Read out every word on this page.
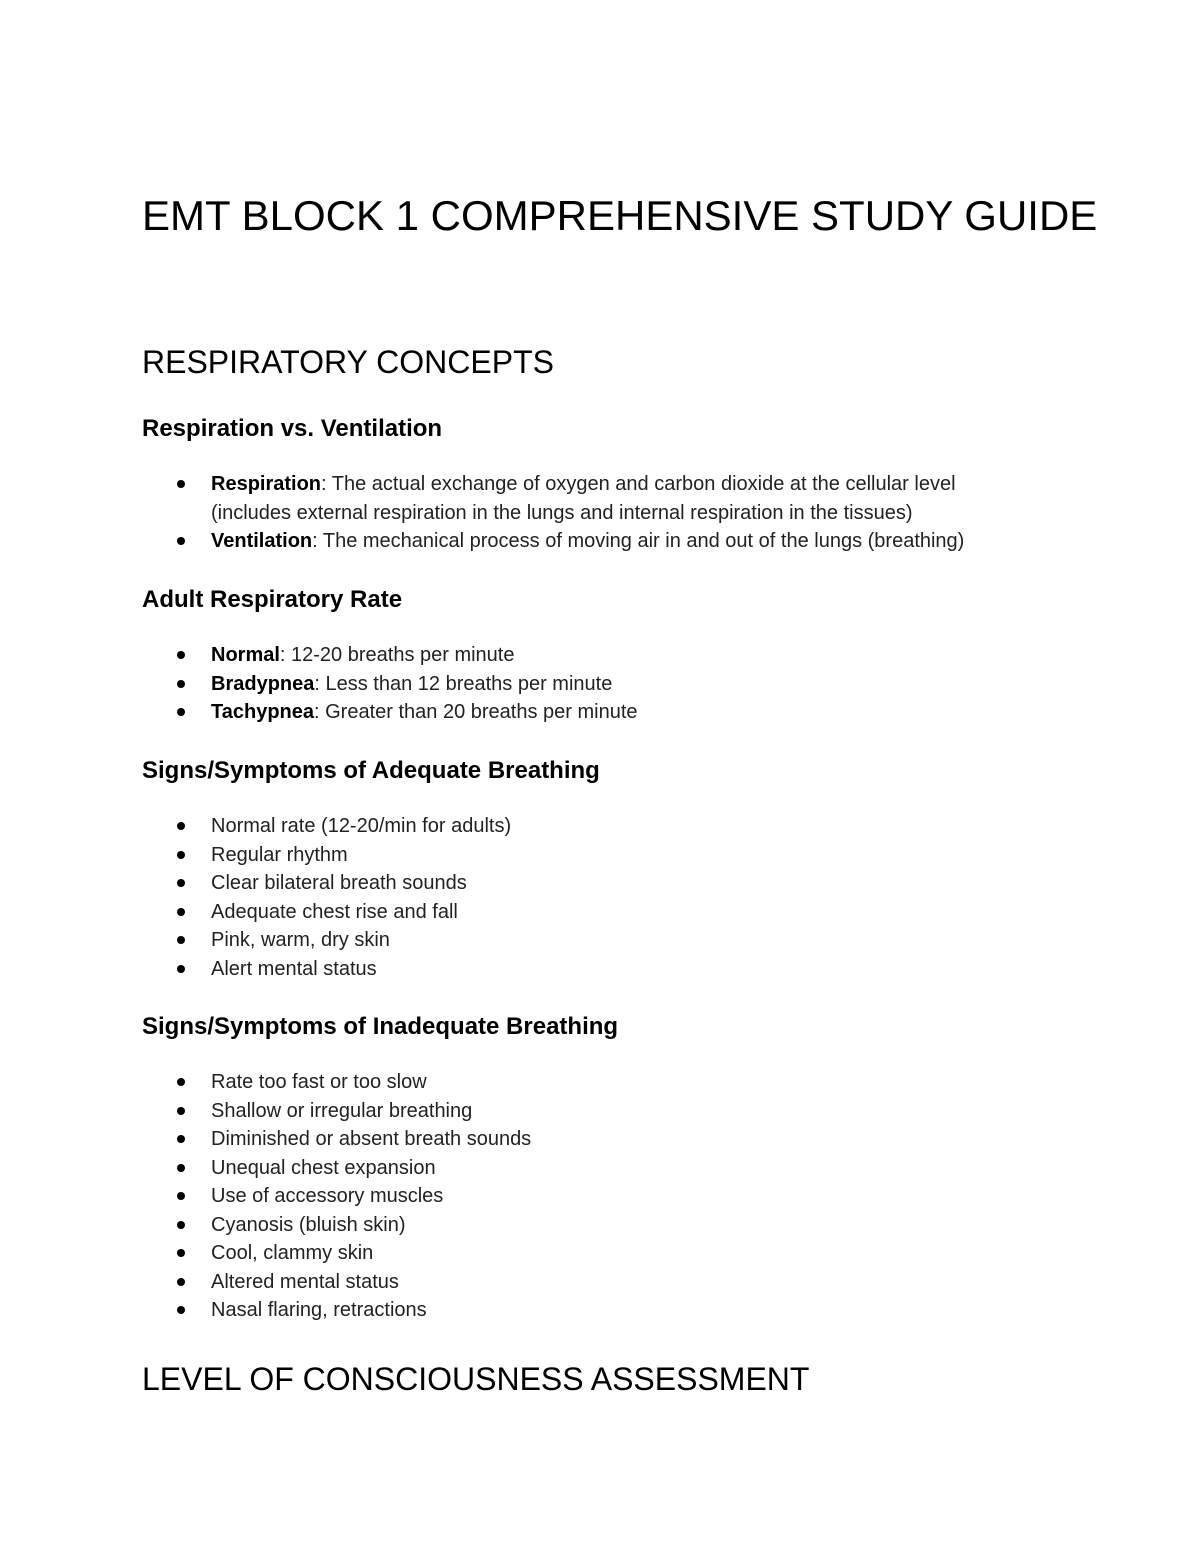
EMT BLOCK 1 COMPREHENSIVE STUDY GUIDE
RESPIRATORY CONCEPTS
Respiration vs. Ventilation
Respiration: The actual exchange of oxygen and carbon dioxide at the cellular level (includes external respiration in the lungs and internal respiration in the tissues)
Ventilation: The mechanical process of moving air in and out of the lungs (breathing)
Adult Respiratory Rate
Normal: 12-20 breaths per minute
Bradypnea: Less than 12 breaths per minute
Tachypnea: Greater than 20 breaths per minute
Signs/Symptoms of Adequate Breathing
Normal rate (12-20/min for adults)
Regular rhythm
Clear bilateral breath sounds
Adequate chest rise and fall
Pink, warm, dry skin
Alert mental status
Signs/Symptoms of Inadequate Breathing
Rate too fast or too slow
Shallow or irregular breathing
Diminished or absent breath sounds
Unequal chest expansion
Use of accessory muscles
Cyanosis (bluish skin)
Cool, clammy skin
Altered mental status
Nasal flaring, retractions
LEVEL OF CONSCIOUSNESS ASSESSMENT
